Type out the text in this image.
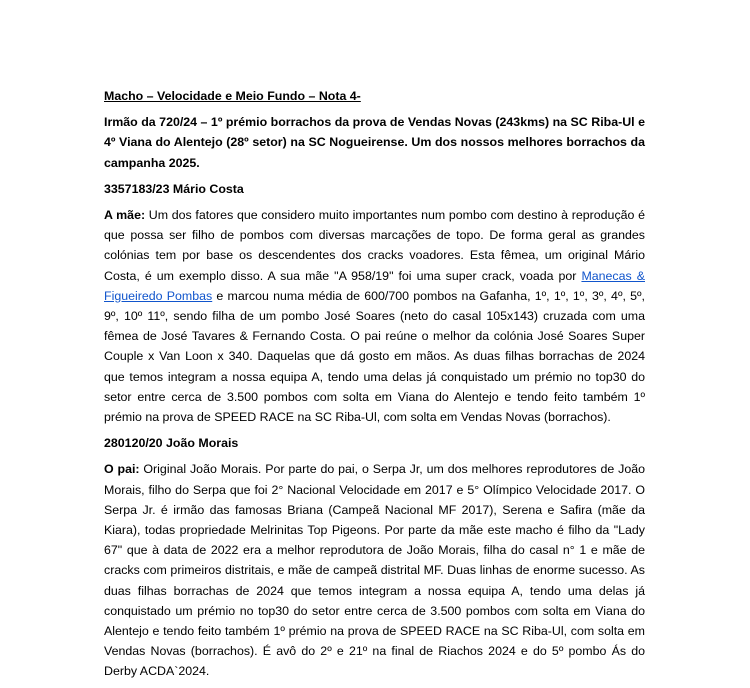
Macho – Velocidade e Meio Fundo – Nota 4-

Irmão da 720/24 – 1º prémio borrachos da prova de Vendas Novas (243kms) na SC Riba-Ul e 4º Viana do Alentejo (28º setor) na SC Nogueirense. Um dos nossos melhores borrachos da campanha 2025.

3357183/23 Mário Costa

A mãe: Um dos fatores que considero muito importantes num pombo com destino à reprodução é que possa ser filho de pombos com diversas marcações de topo. De forma geral as grandes colónias tem por base os descendentes dos cracks voadores. Esta fêmea, um original Mário Costa, é um exemplo disso. A sua mãe "A 958/19" foi uma super crack, voada por Manecas & Figueiredo Pombas e marcou numa média de 600/700 pombos na Gafanha, 1º, 1º, 1º, 3º, 4º, 5º, 9º, 10º 11º, sendo filha de um pombo José Soares (neto do casal 105x143) cruzada com uma fêmea de José Tavares & Fernando Costa. O pai reúne o melhor da colónia José Soares Super Couple x Van Loon x 340. Daquelas que dá gosto em mãos. As duas filhas borrachas de 2024 que temos integram a nossa equipa A, tendo uma delas já conquistado um prémio no top30 do setor entre cerca de 3.500 pombos com solta em Viana do Alentejo e tendo feito também 1º prémio na prova de SPEED RACE na SC Riba-Ul, com solta em Vendas Novas (borrachos).

280120/20 João Morais

O pai: Original João Morais. Por parte do pai, o Serpa Jr, um dos melhores reprodutores de João Morais, filho do Serpa que foi 2° Nacional Velocidade em 2017 e 5° Olímpico Velocidade 2017. O Serpa Jr. é irmão das famosas Briana (Campeã Nacional MF 2017), Serena e Safira (mãe da Kiara), todas propriedade Melrinitas Top Pigeons. Por parte da mãe este macho é filho da "Lady 67" que à data de 2022 era a melhor reprodutora de João Morais, filha do casal n° 1 e mãe de cracks com primeiros distritais, e mãe de campeã distrital MF. Duas linhas de enorme sucesso. As duas filhas borrachas de 2024 que temos integram a nossa equipa A, tendo uma delas já conquistado um prémio no top30 do setor entre cerca de 3.500 pombos com solta em Viana do Alentejo e tendo feito também 1º prémio na prova de SPEED RACE na SC Riba-Ul, com solta em Vendas Novas (borrachos). É avô do 2º e 21º na final de Riachos 2024 e do 5º pombo Ás do Derby ACDA`2024.
